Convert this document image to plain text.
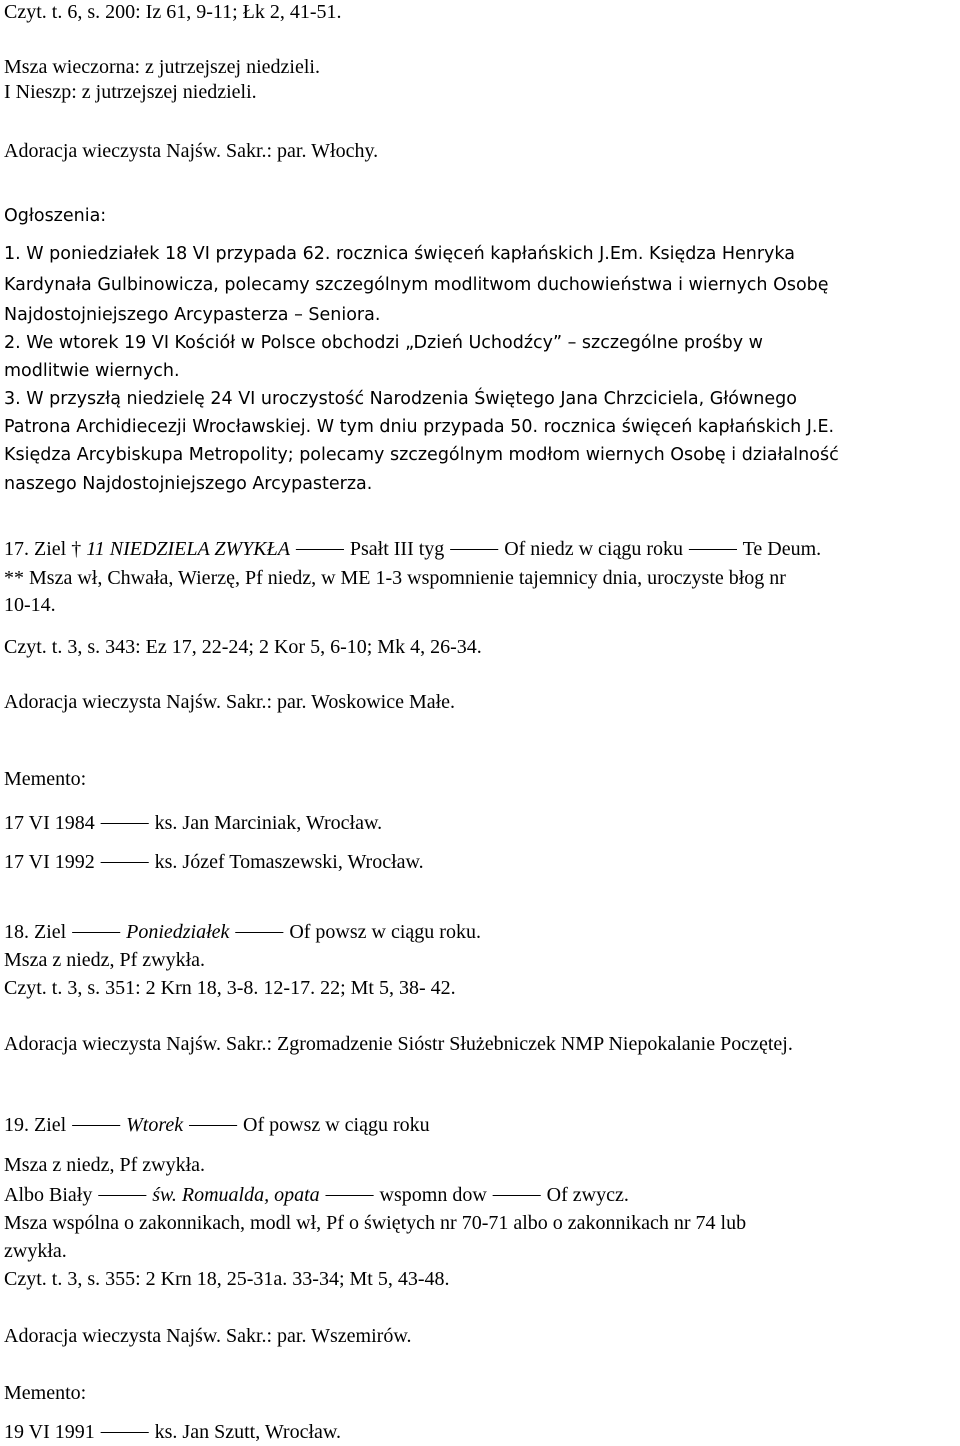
Czyt. t. 6, s. 200: Iz 61, 9-11; Łk 2, 41-51.
Msza wieczorna: z jutrzejszej niedzieli.
I Nieszp: z jutrzejszej niedzieli.
Adoracja wieczysta Najśw. Sakr.: par. Włochy.
Ogłoszenia:
1. W poniedziałek 18 VI przypada 62. rocznica święceń kapłańskich J.Em. Księdza Henryka
Kardynała Gulbinowicza, polecamy szczególnym modlitwom duchowieństwa i wiernych Osobę
Najdostojniejszego Arcypasterza – Seniora.
2. We wtorek 19 VI Kościół w Polsce obchodzi „Dzień Uchodźcy” – szczególne prośby w
modlitwie wiernych.
3. W przyszłą niedzielę 24 VI uroczystość Narodzenia Świętego Jana Chrzciciela, Głównego
Patrona Archidiecezji Wrocławskiej. W tym dniu przypada 50. rocznica święceń kapłańskich J.E.
Księdza Arcybiskupa Metropolity; polecamy szczególnym modłom wiernych Osobę i działalność
naszego Najdostojniejszego Arcypasterza.
17. Ziel † 11 NIEDZIELA ZWYKŁA ⸻ Psałt III tyg ⸻ Of niedz w ciągu roku ⸻ Te Deum.
** Msza wł, Chwała, Wierzę, Pf niedz, w ME 1-3 wspomnienie tajemnicy dnia, uroczyste błog nr
10-14.
Czyt. t. 3, s. 343: Ez 17, 22-24; 2 Kor 5, 6-10; Mk 4, 26-34.
Adoracja wieczysta Najśw. Sakr.: par. Woskowice Małe.
Memento:
17 VI 1984 ⸻ ks. Jan Marciniak, Wrocław.
17 VI 1992 ⸻ ks. Józef Tomaszewski, Wrocław.
18. Ziel ⸻ Poniedziałek ⸻ Of powsz w ciągu roku.
Msza z niedz, Pf zwykła.
Czyt. t. 3, s. 351: 2 Krn 18, 3-8. 12-17. 22; Mt 5, 38- 42.
Adoracja wieczysta Najśw. Sakr.: Zgromadzenie Sióstr Służebniczek NMP Niepokalanie Poczętej.
19. Ziel ⸻ Wtorek ⸻ Of powsz w ciągu roku
Msza z niedz, Pf zwykła.
Albo Biały ⸻ św. Romualda, opata ⸻ wspomn dow ⸻ Of zwycz.
Msza wspólna o zakonnikach, modl wł, Pf o świętych nr 70-71 albo o zakonnikach nr 74 lub
zwykła.
Czyt. t. 3, s. 355: 2 Krn 18, 25-31a. 33-34; Mt 5, 43-48.
Adoracja wieczysta Najśw. Sakr.: par. Wszemirów.
Memento:
19 VI 1991 ⸻ ks. Jan Szutt, Wrocław.
